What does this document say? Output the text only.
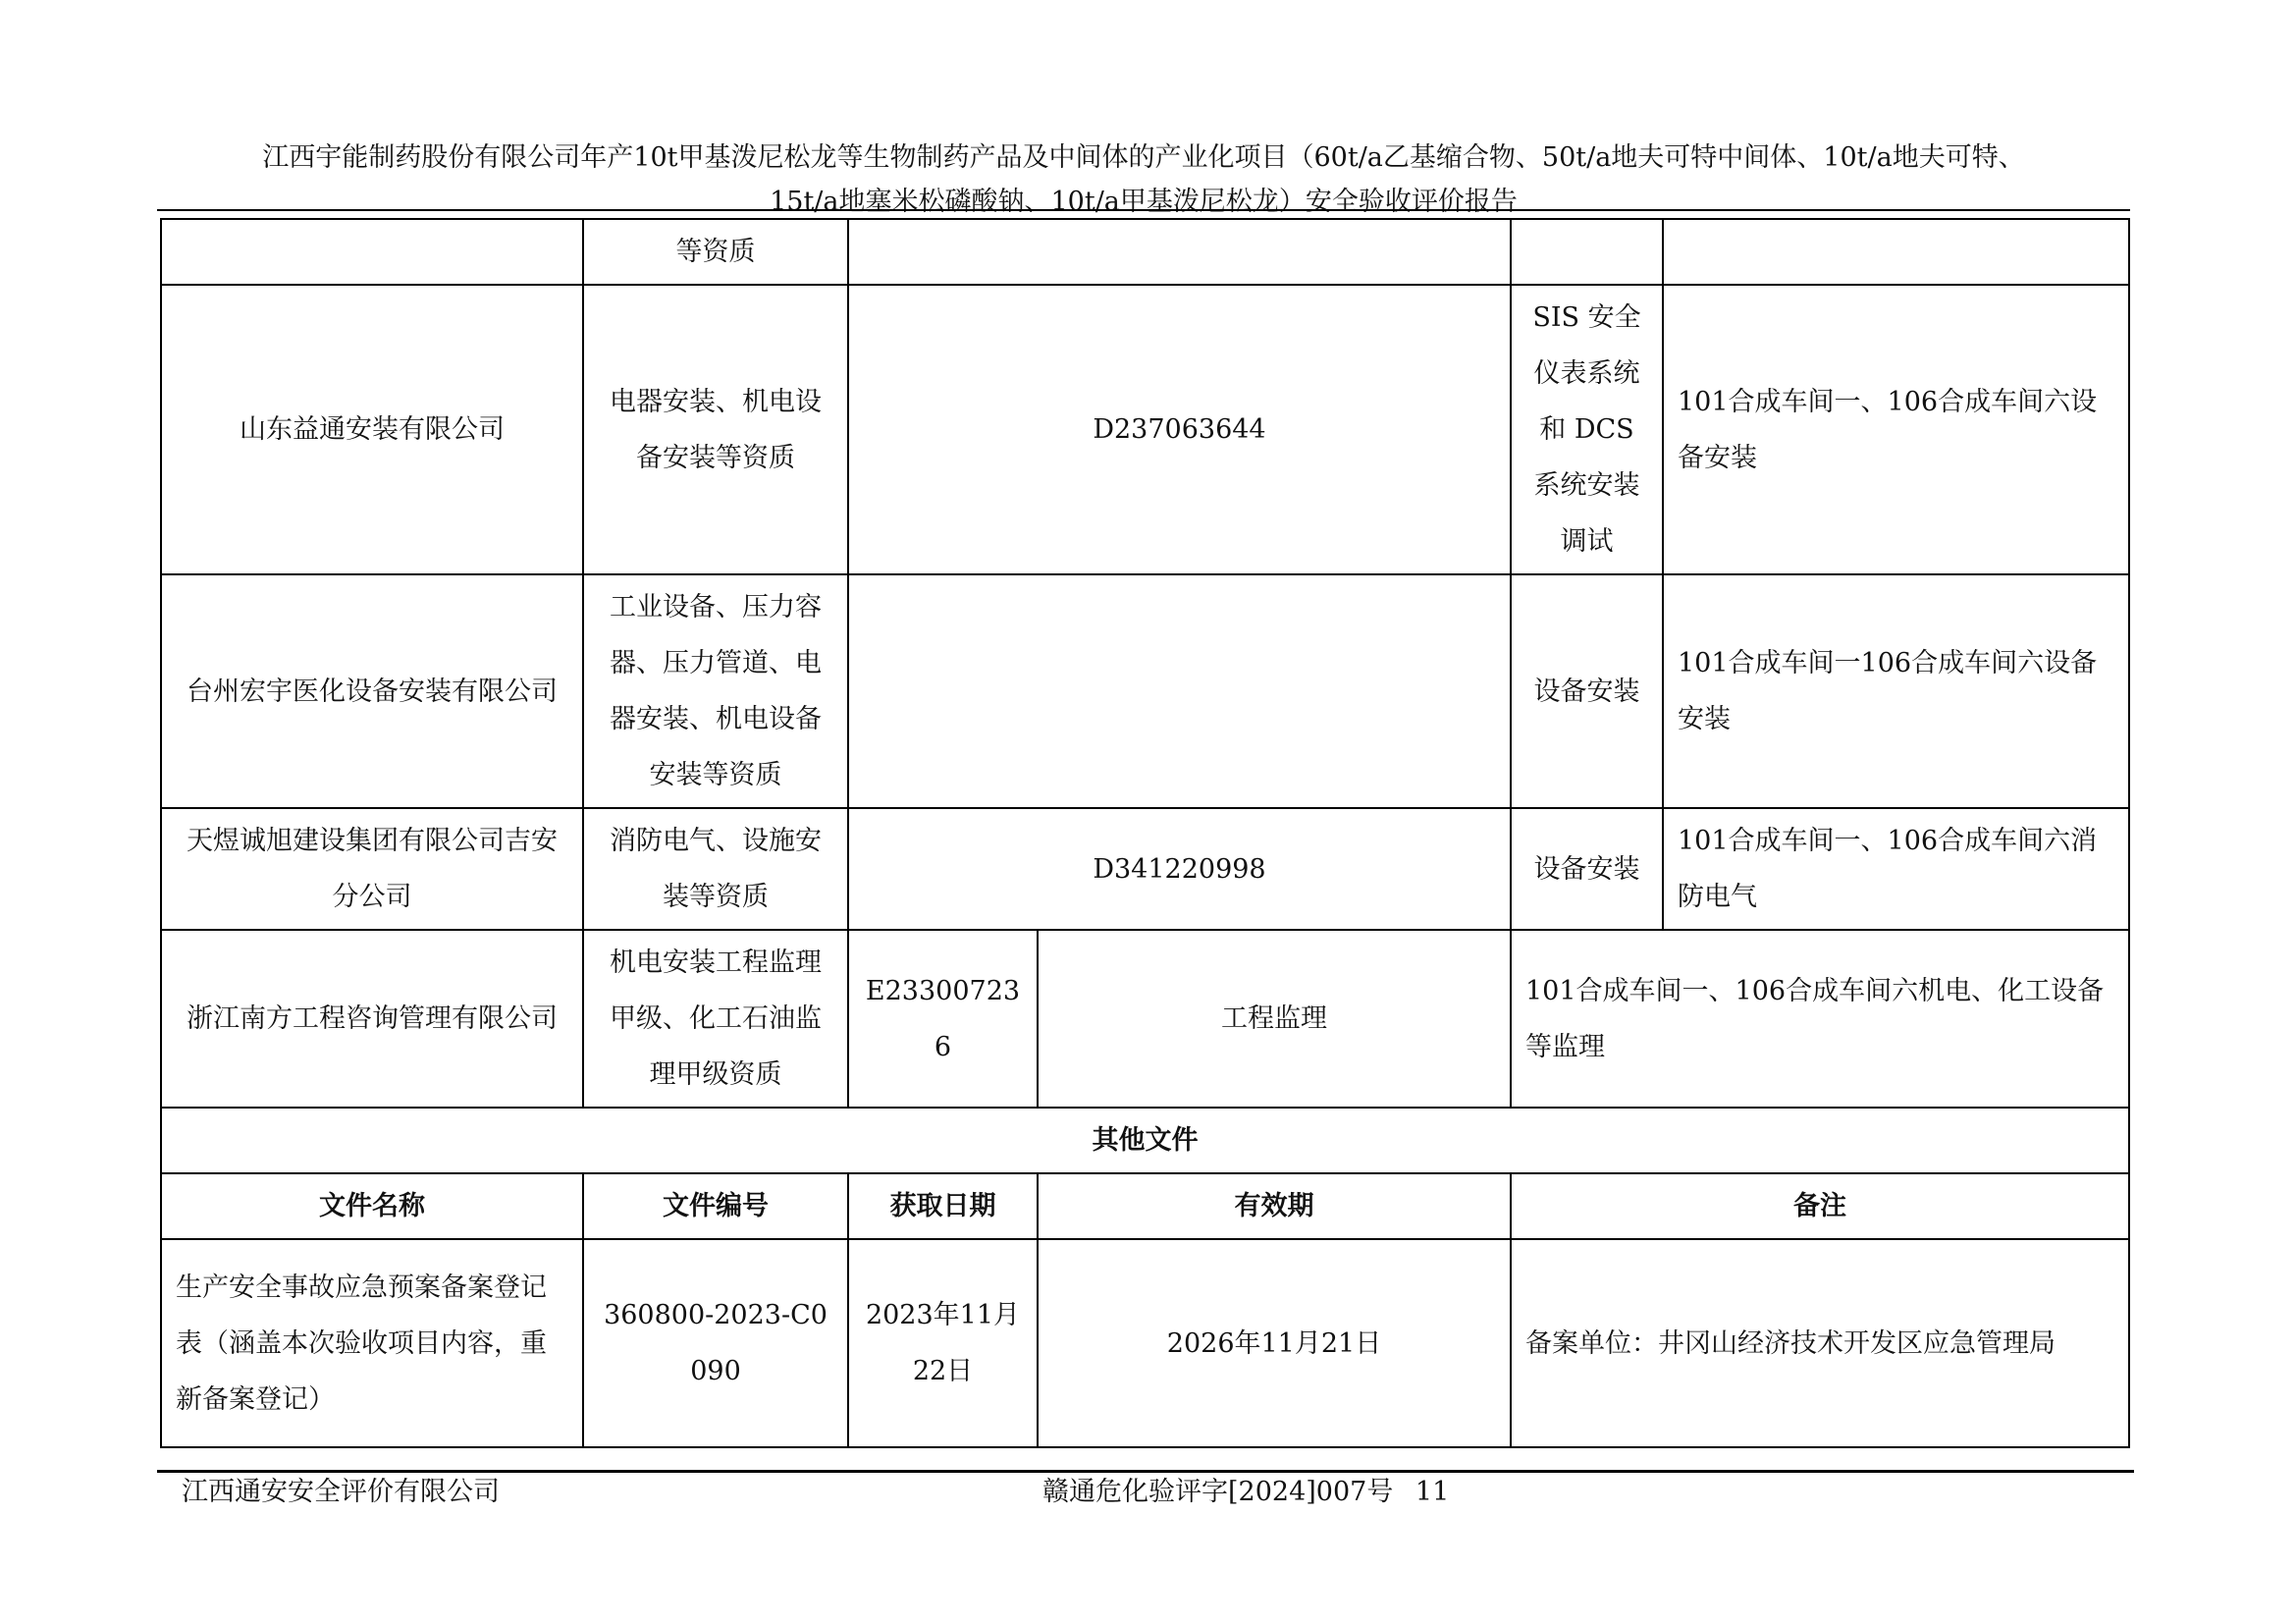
江西宇能制药股份有限公司年产10t甲基泼尼松龙等生物制药产品及中间体的产业化项目（60t/a乙基缩合物、50t/a地夫可特中间体、10t/a地夫可特、
15t/a地塞米松磷酸钠、10t/a甲基泼尼松龙）安全验收评价报告
	等资质				
山东益通安装有限公司	电器安装、机电设备安装等资质	D237063644		SIS 安全仪表系统和 DCS 系统安装调试	101合成车间一、106合成车间六设备安装
台州宏宇医化设备安装有限公司	工业设备、压力容器、压力管道、电器安装、机电设备安装等资质			设备安装	101合成车间一106合成车间六设备安装
天煜诚旭建设集团有限公司吉安分公司	消防电气、设施安装等资质	D341220998		设备安装	101合成车间一、106合成车间六消防电气
浙江南方工程咨询管理有限公司	机电安装工程监理甲级、化工石油监理甲级资质	E233007236	工程监理	101合成车间一、106合成车间六机电、化工设备等监理	
其他文件					
文件名称	文件编号	获取日期	有效期	备注	
生产安全事故应急预案备案登记表（涵盖本次验收项目内容，重新备案登记）	360800-2023-C0090	2023年11月22日	2026年11月21日	备案单位：井冈山经济技术开发区应急管理局	
江西通安安全评价有限公司	赣通危化验评字[2024]007号 11
